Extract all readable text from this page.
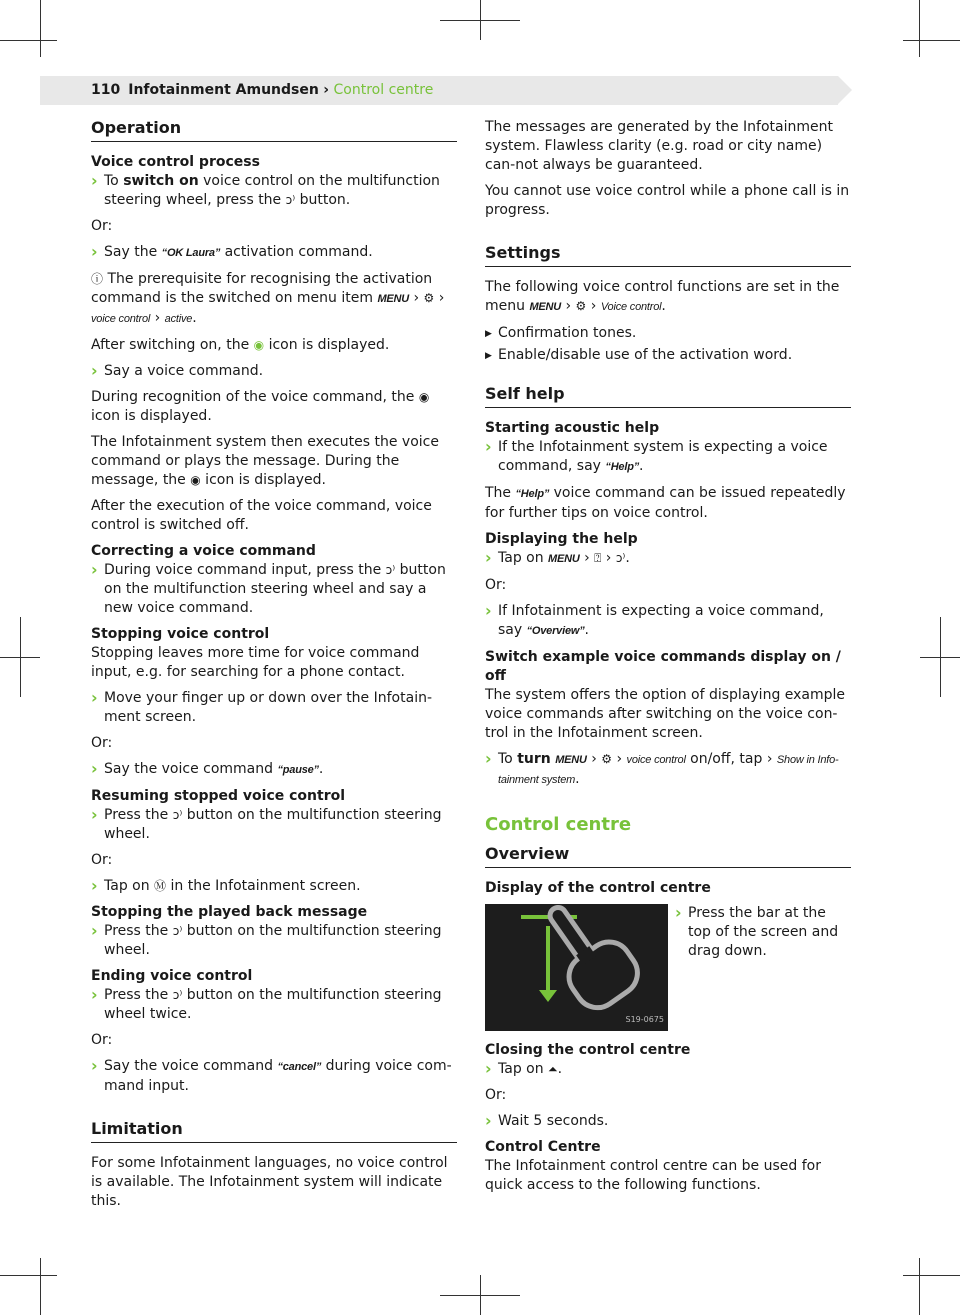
110 Infotainment Amundsen › Control centre
Operation
Voice control process
› To switch on voice control on the multifunction steering wheel, press the ↄ⁾ button.

Or:

› Say the “OK Laura” activation command.

ⓘ The prerequisite for recognising the activation command is the switched on menu item MENU › ⚙ › voice control › active.

After switching on, the ◉ icon is displayed.

› Say a voice command.

During recognition of the voice command, the ◉ icon is displayed.

The Infotainment system then executes the voice command or plays the message. During the message, the ◉ icon is displayed.

After the execution of the voice command, voice control is switched off.

Correcting a voice command
› During voice command input, press the ↄ⁾ button on the multifunction steering wheel and say a new voice command.
Stopping voice control

Stopping leaves more time for voice command input, e.g. for searching for a phone contact.

› Move your finger up or down over the Infotain-ment screen.

Or:

› Say the voice command “pause”.
Resuming stopped voice control
› Press the ↄ⁾ button on the multifunction steering wheel.

Or:

› Tap on Ⓜ in the Infotainment screen.
Stopping the played back message
› Press the ↄ⁾ button on the multifunction steering wheel.
Ending voice control
› Press the ↄ⁾ button on the multifunction steering wheel twice.

Or:

› Say the voice command “cancel” during voice com-mand input.
Limitation

For some Infotainment languages, no voice control is available. The Infotainment system will indicate this.

The messages are generated by the Infotainment system. Flawless clarity (e.g. road or city name) can-not always be guaranteed.

You cannot use voice control while a phone call is in progress.

Settings

The following voice control functions are set in the menu MENU › ⚙ › Voice control.

▶ Confirmation tones.
▶ Enable/disable use of the activation word.
Self help
Starting acoustic help
› If the Infotainment system is expecting a voice command, say “Help”.

The “Help” voice command can be issued repeatedly for further tips on voice control.

Displaying the help
› Tap on MENU › ⍰ › ↄ⁾.

Or:

› If Infotainment is expecting a voice command, say “Overview”.
Switch example voice commands display on / off

The system offers the option of displaying example voice commands after switching on the voice con-trol in the Infotainment screen.

› To turn MENU › ⚙ › voice control on/off, tap › Show in Info-tainment system.
Control centre
Overview
Display of the control centre
S19-0675
› Press the bar at the top of the screen and drag down.
Closing the control centre
› Tap on ⏶.

Or:

› Wait 5 seconds.
Control Centre

The Infotainment control centre can be used for quick access to the following functions.
